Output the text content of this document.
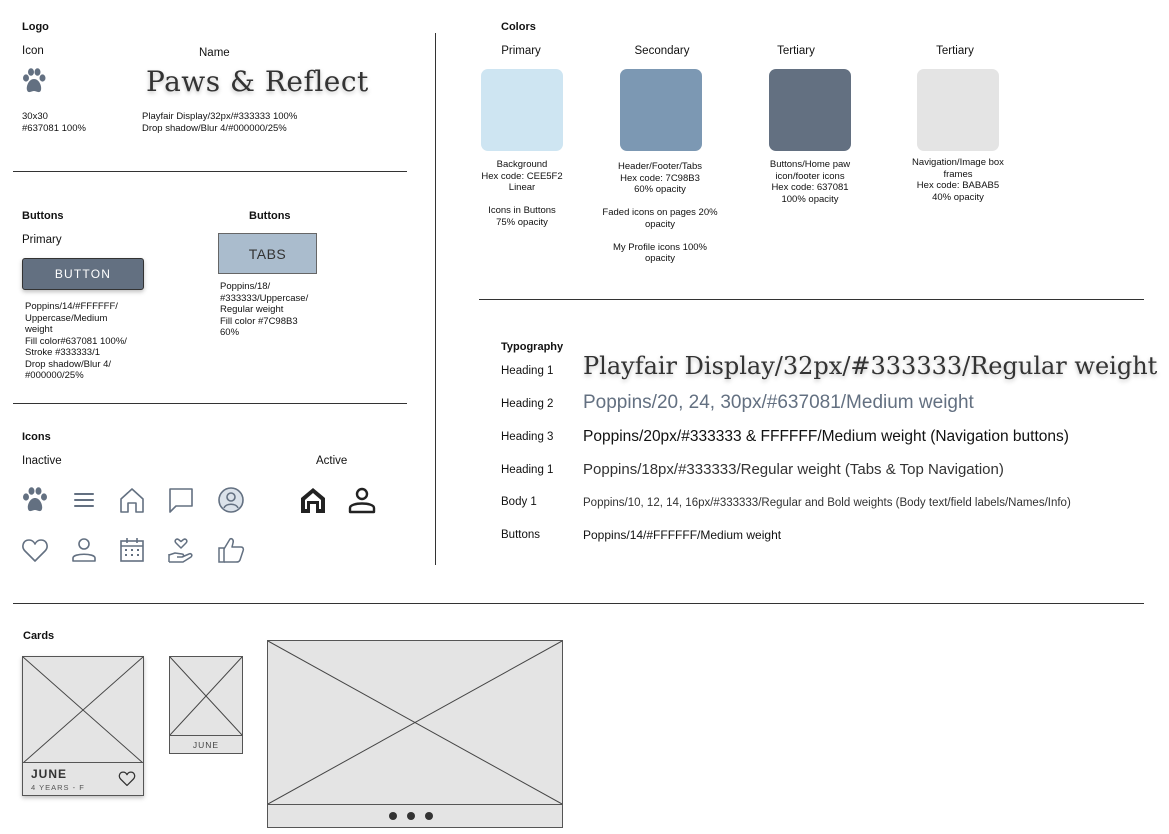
Logo
Icon	Name
Paws & Reflect
30x30
#637081 100%
Playfair Display/32px/#333333 100%
Drop shadow/Blur 4/#000000/25%
Buttons	Buttons
Primary
BUTTON
TABS
Poppins/14/#FFFFFF/
Uppercase/Medium
weight
Fill color#637081 100%/
Stroke #333333/1
Drop shadow/Blur 4/
#000000/25%
Poppins/18/
#333333/Uppercase/
Regular weight
Fill color #7C98B3
60%
Icons
Inactive	Active
Colors
Primary
Background
Hex code: CEE5F2
Linear
Icons in Buttons
75% opacity
Secondary
Header/Footer/Tabs
Hex code: 7C98B3
60% opacity
Faded icons on pages 20%
opacity
My Profile icons 100%
opacity
Tertiary
Buttons/Home paw
icon/footer icons
Hex code: 637081
100% opacity
Tertiary
Navigation/Image box
frames
Hex code: BABAB5
40% opacity
Typography
Heading 1 Playfair Display/32px/#333333/Regular weight
Heading 2 Poppins/20, 24, 30px/#637081/Medium weight
Heading 3 Poppins/20px/#333333 & FFFFFF/Medium weight (Navigation buttons)
Heading 1 Poppins/18px/#333333/Regular weight (Tabs & Top Navigation)
Body 1	Poppins/10, 12, 14, 16px/#333333/Regular and Bold weights (Body text/field labels/Names/Info)
Buttons	Poppins/14/#FFFFFF/Medium weight
Cards
JUNE
4 YEARS - F
JUNE
